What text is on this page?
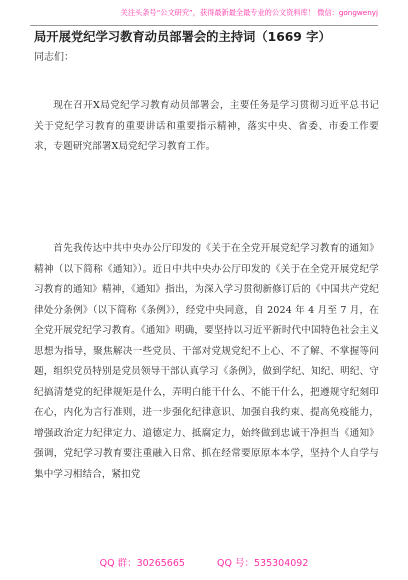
关注头条号“公文研究”，获得最新最全最专业的公文资料库！ 微信：gongwenyj
局开展党纪学习教育动员部署会的主持词（1669 字）
同志们：

现在召开X局党纪学习教育动员部署会，主要任务是学习贯彻习近平总书记关于党纪学习教育的重要讲话和重要指示精神，落实中央、省委、市委工作要求，专题研究部署X局党纪学习教育工作。

首先我传达中共中央办公厅印发的《关于在全党开展党纪学习教育的通知》精神（以下简称《通知》）。近日中共中央办公厅印发的《关于在全党开展党纪学习教育的通知》精神，《通知》指出，为深入学习贯彻新修订后的《中国共产党纪律处分条例》（以下简称《条例》），经党中央同意，自 2024 年 4 月至 7 月，在全党开展党纪学习教育。《通知》明确，要坚持以习近平新时代中国特色社会主义思想为指导，聚焦解决一些党员、干部对党规党纪不上心、不了解、不掌握等问题，组织党员特别是党员领导干部认真学习《条例》，做到学纪、知纪、明纪、守纪搞清楚党的纪律规矩是什么，弄明白能干什么、不能干什么，把遵规守纪刻印在心，内化为言行准则，进一步强化纪律意识、加强自我约束、提高免疫能力，增强政治定力纪律定力、道德定力、抵腐定力，始终做到忠诚干净担当《通知》强调，党纪学习教育要注重融入日常、抓在经常要原原本本学，坚持个人自学与集中学习相结合，紧扣党

QQ 群：30265665	QQ 号：535304092
